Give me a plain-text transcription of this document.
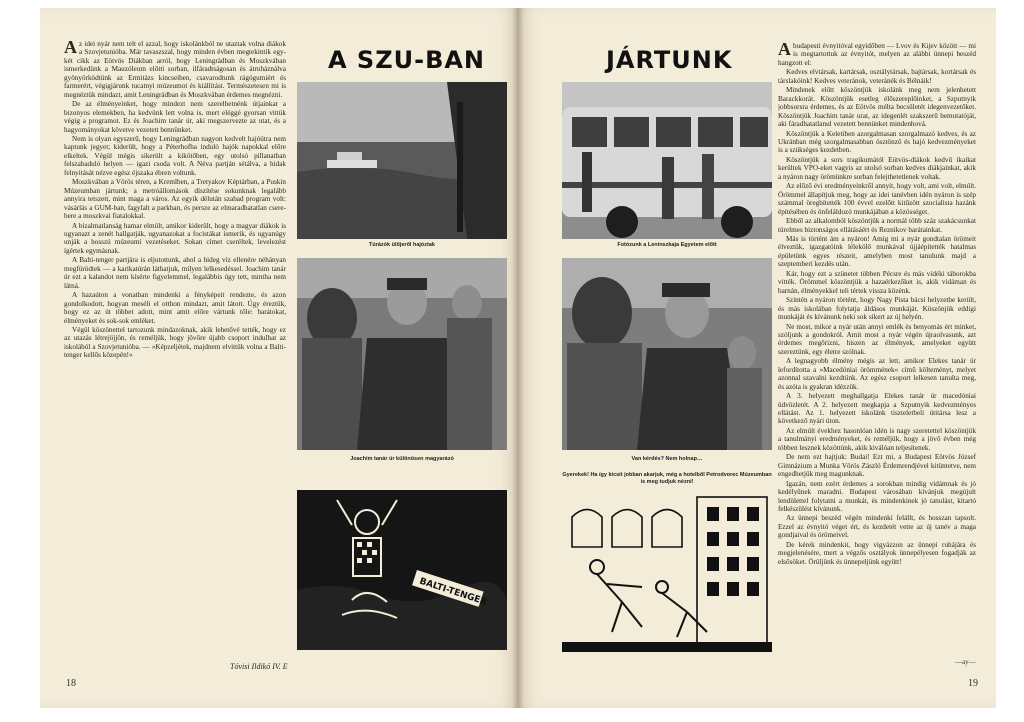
Az idei nyár nem telt el azzal, hogy iskolánkból ne utaztak volna diákok a Szovjetunióba. Már tavaszszal, hogy minden évben megtekintik egy-két cikk az Eötvös Diákban arról, hogy Leningrádban és Moszkvában ismerkedünk a Mauzóleum előtti sorban, ilfáradtságosan és átruháználva gyönyörködtünk az Ermitázs kincseiben, csavarodtunk rágógumiért és farmerért, végigjárunk tucatnyi múzeumot és kiállítást. Természetesen mi is megnéztük mindazt, amit Leningrádban és Moszkvában érdemes megnézni.

De az élményeinket, hogy mindezt nem szerelhetnénk útjainkat a bizonyos elemekben, ha kedvünk lett volna is, mert eléggé gyorsan vittük végig a programot. Ez és Joachim tanár úr, aki megszervezte az utat, és a hagyományokat követve vezetett bennünket.

Nem is olyan egyszerű, hogy Leningrádban nagyon kedvelt hajóútra nem kaptunk jegyet; kiderült, hogy a Péterhofba induló hajók napokkal előre elkeltek. Végül mégis sikerült a kikötőben, egy utolsó pillanatban felszabaduló helyen — igazi csoda volt. A Néva partján sétálva, a hidak felnyitását nézve egész éjszaka ébren voltunk.

Moszkvában a Vörös téren, a Kremlben, a Tretyakov Képtárban, a Puskin Múzeumban jártunk; a metróállomások díszítése sokunknak legalább annyira tetszett, mint maga a város. Az egyik délután szabad program volt: vásárlás a GUM-ban, fagylalt a parkban, és persze az elmaradhatatlan csere-bere a moszkvai fiatalokkal.

A bizalmatlanság hamar elmúlt, amikor kiderült, hogy a magyar diákok is ugyanazt a zenét hallgatják, ugyanazokat a focistákat ismerik, és ugyanúgy unják a hosszú múzeumi vezetéseket. Sokan címet cseréltek, levelezést ígértek egymásnak.

A Balti-tenger partjára is eljutottunk, ahol a hideg víz ellenére néhányan megfürödtek — a karikatúrán láthatjuk, milyen lelkesedéssel. Joachim tanár úr ezt a kalandot nem kísérte figyelemmel, legalábbis úgy tett, mintha nem látná.

A hazaúton a vonatban mindenki a fényképeit rendezte, és azon gondolkodott, hogyan meséli el otthon mindazt, amit látott. Úgy éreztük, hogy ez az út többet adott, mint amit előre vártunk tőle: barátokat, élményeket és sok-sok emléket.

Végül köszönettel tartozunk mindazoknak, akik lehetővé tették, hogy ez az utazás létrejöjjön, és reméljük, hogy jövőre újabb csoport indulhat az iskolából a Szovjetunióba. — »Képzeljétek, majdnem elvittük volna a Balti-tenger kellős közepén!«

Tóvisi Ildikó IV. E
A SZU-BAN	JÁRTUNK
Túrázók ülőjeről hajóztak
Joachim tanár úr különösen magyarázó
BALTI-TENGER
Fotózunk a Leninszkaja Egyetem előtt
Van kérdés? Nem holnap…
Gyerekek! Ha így kicsit jobban akarjuk, még a hotelből Petrodvorec Múzeumban is meg tudjuk nézni!

Abudapesti évnyitóval egyidőben — Lvov és Kijev között — mi is megtartottuk az évnyitót, melyen az alábbi ünnepi beszéd hangzott el:

Kedves elvtársak, kartársak, osztálytársak, bajtársak, kortársak és társlakóink! Kedves veteránok, veteránék és Bélnáik!

Mindenek előtt köszöntjük iskolánk meg nem jelenhetett Barackkorát. Köszöntjük esetleg élőszereplőinket, a Szputnyik jobbsorsra érdemes, és az Eötvös mélta becsületét idegenvezetőket. Köszöntjük Joachim tanár urat, az idegenlét szakszerű bemutatóját, aki fáradhatatlanul vezetett bennünket mindenhová.

Köszöntjük a Keletiben azorgalmasan szorgalmazó kedves, és az Ukránban még szorgalmasabban ösztönző és hajó kedvezményeket is a szükséges kezdetben.

Köszöntjük a sors tragikumától Eötvös-diákok kedvű ikaikat kerültek VPO-eket vagyis az utolsó sorban kedves diákjainkat, akik a nyáron nagy örömünkre sorban felejthetetlenek voltak.

Az előző évi eredményeinkről annyit, hogy volt, ami volt, elmúlt. Örömmel állapítjuk meg, hogy az idei tanévben idén nyáron is szép számmal öregbítették 100 évvel ezelőtt kitűzött szocialista hazánk építésében és önfeláldozó munkájában a közösséget.

Ebből az alkalomból köszöntjük a normál több száz szakácsunkat türelmes biztonságos ellátásáért és Reznikov barátainkat.

Más is történt ám a nyáron! Amíg mi a nyár gondtalan örömeit élveztük, igazgatóink lélekölő munkával újjáépítették hatalmas épületünk egyes részeit, amelyben most tanulunk majd a szeptemberi kezdés után.

Kár, hogy ezt a szünetet többen Pécsre és más vidéki táborokba vitték. Örömmel köszöntjük a hazaérkezőket is, akik vidáman és barnán, élményekkel teli tértek vissza közénk.

Szintén a nyáron történt, hogy Nagy Pista bácsi helyzetbe került, és más iskolában folytatja áldásos munkáját. Köszönjük eddigi munkáját és kívánunk neki sok sikert az új helyén.

Ne most, mikor a nyár után annyi emlék és benyomás ért minket, szóljunk a gondokról. Amit most a nyár végén újraolvasunk, azt érdemes megőrizni, hiszen az élmények, amelyeket együtt szereztünk, egy életre szólnak.

A legnagyobb élmény mégis az lett, amikor Elekes tanár úr lefordította a »Macedóniai örömmének« címû költeményt, melyet azonnal szavalni kezdtünk. Az egész csoport lelkesen tanulta meg, és azóta is gyakran idézzük.

A 3. helyezett meghallgatja Elekes tanár úr macedóniai üdvözletét. A 2. helyezett megkapja a Szputnyik kedvezményes ellátást. Az 1. helyezett iskolánk tiszteletbeli útitársa lesz a következő nyári úton.

Az elmúlt évekhez hasonlóan idén is nagy szeretettel köszöntjük a tanulmányi eredményeket, és reméljük, hogy a jövő évben még többen lesznek közöttünk, akik kiválóan teljesítenek.

De nem ezt hajtjuk: Budai! Ezt mi, a Budapest Eötvös József Gimnázium a Munka Vörös Zászló Érdemrendjével kitüntetve, nem engedhetjük meg magunknak.

Igazán, nem ezért érdemes a sorokban mindig vidámnak és jó kedélyűnek maradni. Budapest városában kívánjuk megújult lendülettel folytatni a munkát, és mindenkinek jó tanulást, kitartó felkészülést kívánunk.

Az ünnepi beszéd végén mindenki felállt, és hosszan tapsolt. Ezzel az évnyitó véget ért, és kezdetét vette az új tanév a maga gondjaival és örömeivel.

De kérek mindenkit, hogy vigyázzon az ünnepi ruhájára és megjelenésére, mert a végzős osztályok ünnepélyesen fogadják az elsősöket. Örüljünk és ünnepeljünk együtt!

—ay—
18	19
